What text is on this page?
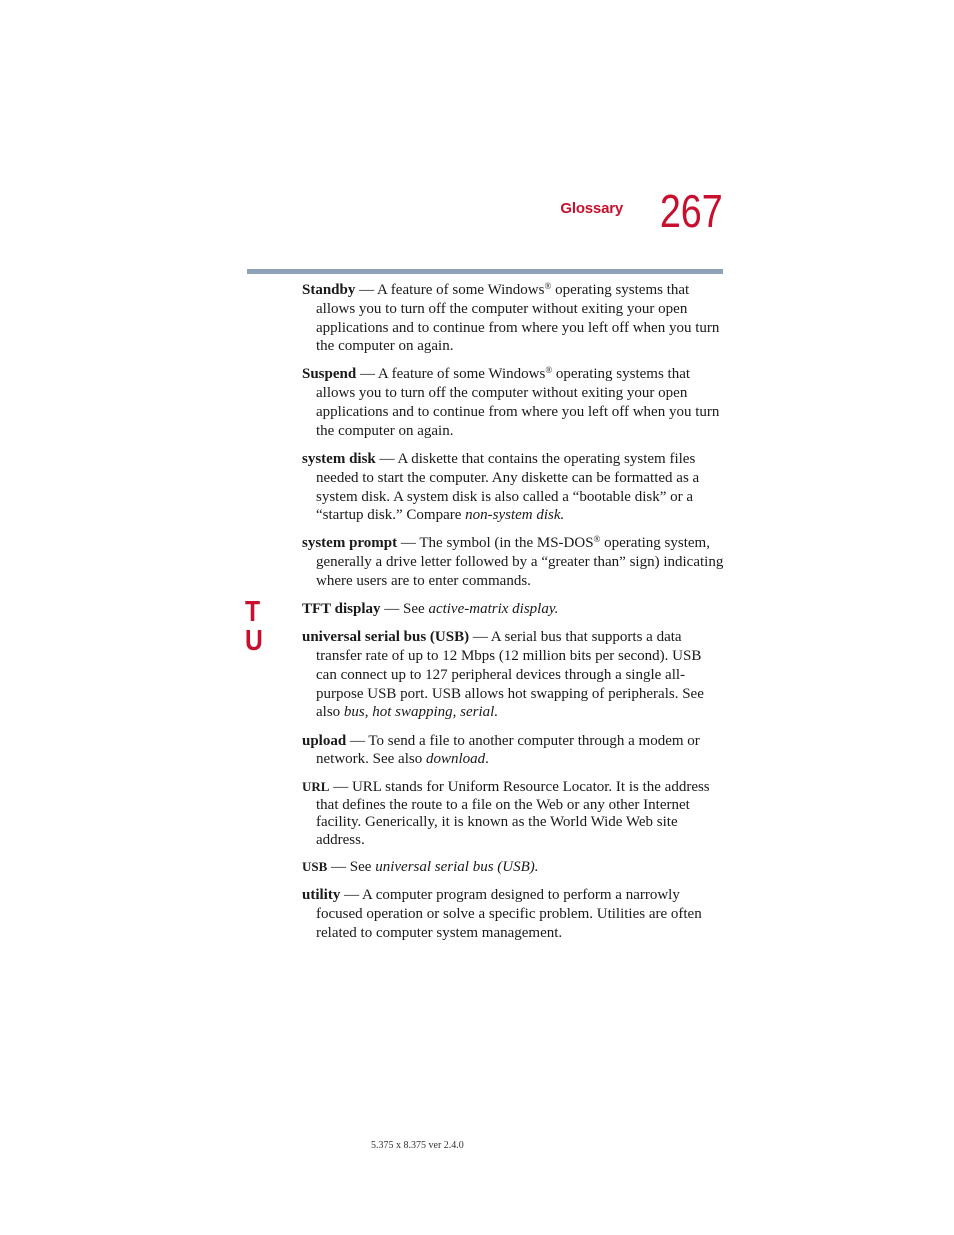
Glossary 267
T
U

Standby — A feature of some Windows® operating systems that allows you to turn off the computer without exiting your open applications and to continue from where you left off when you turn the computer on again.

Suspend — A feature of some Windows® operating systems that allows you to turn off the computer without exiting your open applications and to continue from where you left off when you turn the computer on again.

system disk — A diskette that contains the operating system files needed to start the computer. Any diskette can be formatted as a system disk. A system disk is also called a “bootable disk” or a “startup disk.” Compare non-system disk.

system prompt — The symbol (in the MS-DOS® operating system, generally a drive letter followed by a “greater than” sign) indicating where users are to enter commands.

TFT display — See active-matrix display.

universal serial bus (USB) — A serial bus that supports a data transfer rate of up to 12 Mbps (12 million bits per second). USB can connect up to 127 peripheral devices through a single all-purpose USB port. USB allows hot swapping of peripherals. See also bus, hot swapping, serial.

upload — To send a file to another computer through a modem or network. See also download.

URL — URL stands for Uniform Resource Locator. It is the address that defines the route to a file on the Web or any other Internet facility. Generically, it is known as the World Wide Web site address.

USB — See universal serial bus (USB).

utility — A computer program designed to perform a narrowly focused operation or solve a specific problem. Utilities are often related to computer system management.

5.375 x 8.375 ver 2.4.0
